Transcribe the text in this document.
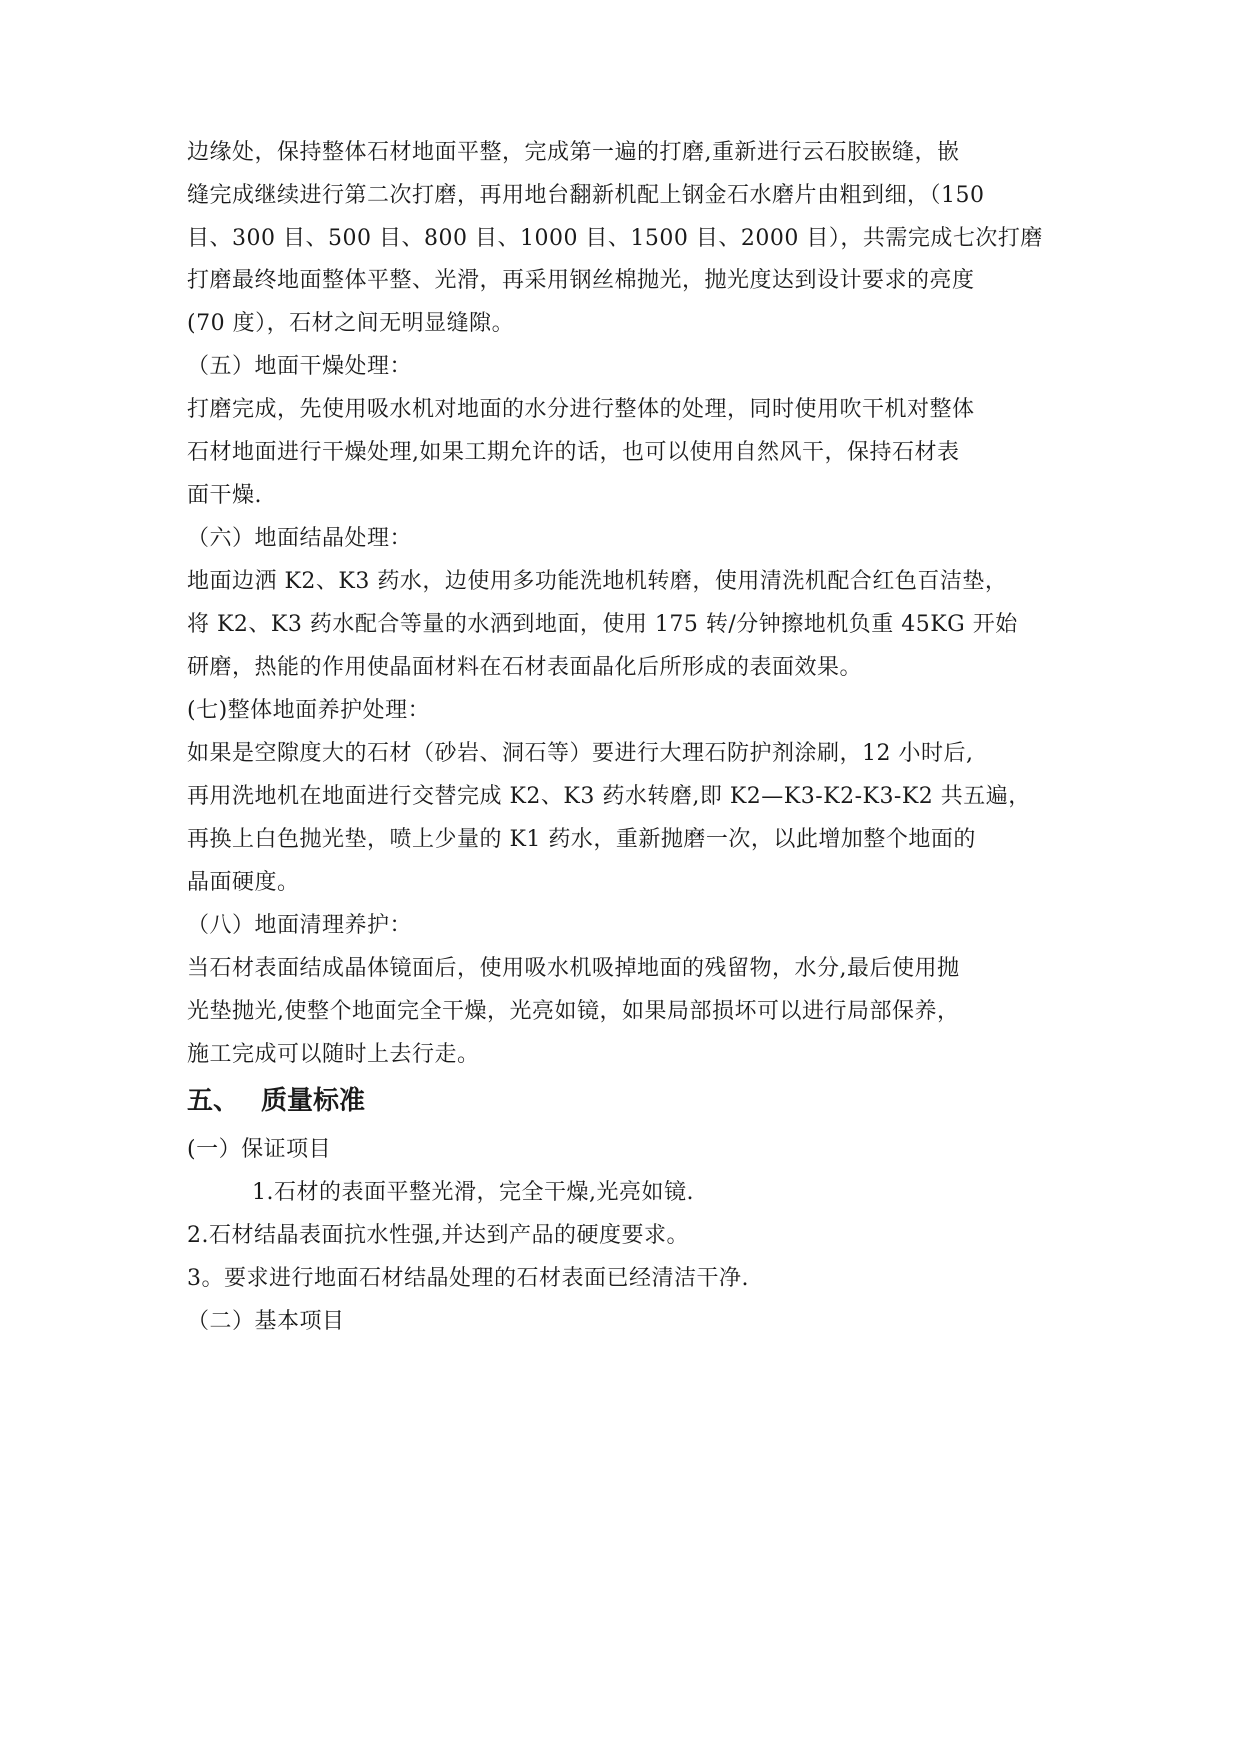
边缘处，保持整体石材地面平整，完成第一遍的打磨,重新进行云石胶嵌缝，嵌
缝完成继续进行第二次打磨，再用地台翻新机配上钢金石水磨片由粗到细，（150
目、300 目、500 目、800 目、1000 目、1500 目、2000 目），共需完成七次打磨
打磨最终地面整体平整、光滑，再采用钢丝棉抛光，抛光度达到设计要求的亮度
(70 度），石材之间无明显缝隙。
（五）地面干燥处理：
打磨完成，先使用吸水机对地面的水分进行整体的处理，同时使用吹干机对整体
石材地面进行干燥处理,如果工期允许的话，也可以使用自然风干，保持石材表
面干燥.
（六）地面结晶处理：
地面边洒 K2、K3 药水，边使用多功能洗地机转磨，使用清洗机配合红色百洁垫，
将 K2、K3 药水配合等量的水洒到地面，使用 175 转/分钟擦地机负重 45KG 开始
研磨，热能的作用使晶面材料在石材表面晶化后所形成的表面效果。
(七)整体地面养护处理：
如果是空隙度大的石材（砂岩、洞石等）要进行大理石防护剂涂刷，12 小时后,
再用洗地机在地面进行交替完成 K2、K3 药水转磨,即 K2—K3-K2-K3-K2 共五遍，
再换上白色抛光垫，喷上少量的 K1 药水，重新抛磨一次，以此增加整个地面的
晶面硬度。
（八）地面清理养护：
当石材表面结成晶体镜面后，使用吸水机吸掉地面的残留物，水分,最后使用抛
光垫抛光,使整个地面完全干燥，光亮如镜，如果局部损坏可以进行局部保养，
施工完成可以随时上去行走。
五、 质量标准
(一）保证项目
1.石材的表面平整光滑，完全干燥,光亮如镜.
2.石材结晶表面抗水性强,并达到产品的硬度要求。
3。要求进行地面石材结晶处理的石材表面已经清洁干净.
（二）基本项目
